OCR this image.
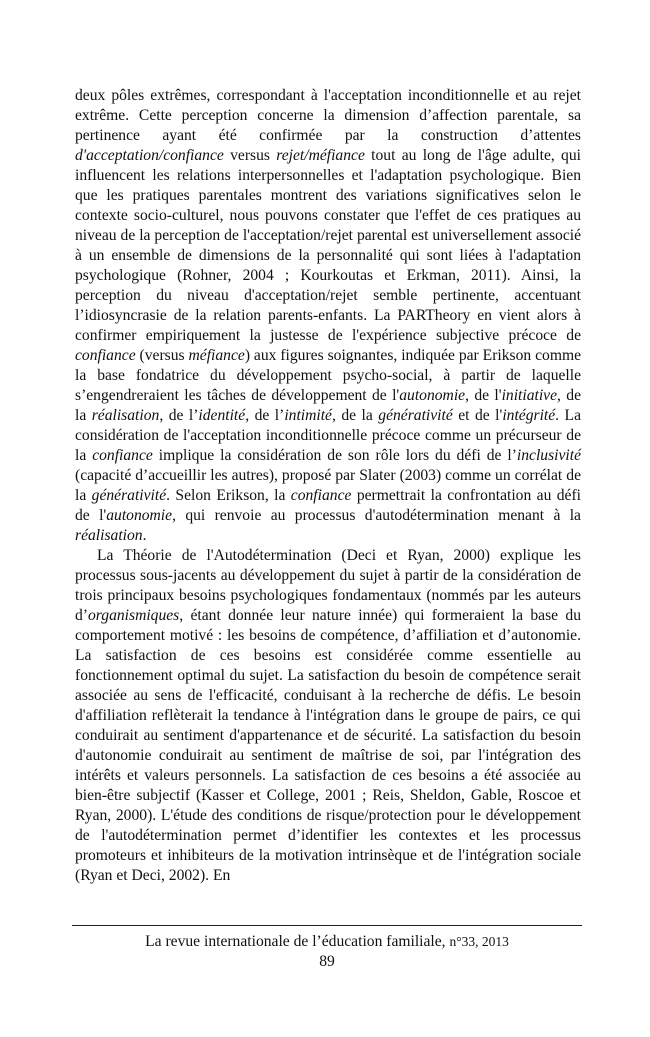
deux pôles extrêmes, correspondant à l'acceptation inconditionnelle et au rejet extrême. Cette perception concerne la dimension d’affection parentale, sa pertinence ayant été confirmée par la construction d’attentes d'acceptation/confiance versus rejet/méfiance tout au long de l'âge adulte, qui influencent les relations interpersonnelles et l'adaptation psychologique. Bien que les pratiques parentales montrent des variations significatives selon le contexte socio-culturel, nous pouvons constater que l'effet de ces pratiques au niveau de la perception de l'acceptation/rejet parental est universellement associé à un ensemble de dimensions de la personnalité qui sont liées à l'adaptation psychologique (Rohner, 2004 ; Kourkoutas et Erkman, 2011). Ainsi, la perception du niveau d'acceptation/rejet semble pertinente, accentuant l’idiosyncrasie de la relation parents-enfants. La PARTheory en vient alors à confirmer empiriquement la justesse de l'expérience subjective précoce de confiance (versus méfiance) aux figures soignantes, indiquée par Erikson comme la base fondatrice du développement psycho-social, à partir de laquelle s’engendreraient les tâches de développement de l'autonomie, de l'initiative, de la réalisation, de l’identité, de l’intimité, de la générativité et de l'intégrité. La considération de l'acceptation inconditionnelle précoce comme un précurseur de la confiance implique la considération de son rôle lors du défi de l’inclusivité (capacité d’accueillir les autres), proposé par Slater (2003) comme un corrélat de la générativité. Selon Erikson, la confiance permettrait la confrontation au défi de l'autonomie, qui renvoie au processus d'autodétermination menant à la réalisation.

La Théorie de l'Autodétermination (Deci et Ryan, 2000) explique les processus sous-jacents au développement du sujet à partir de la considération de trois principaux besoins psychologiques fondamentaux (nommés par les auteurs d’organismiques, étant donnée leur nature innée) qui formeraient la base du comportement motivé : les besoins de compétence, d’affiliation et d’autonomie. La satisfaction de ces besoins est considérée comme essentielle au fonctionnement optimal du sujet. La satisfaction du besoin de compétence serait associée au sens de l'efficacité, conduisant à la recherche de défis. Le besoin d'affiliation reflèterait la tendance à l'intégration dans le groupe de pairs, ce qui conduirait au sentiment d'appartenance et de sécurité. La satisfaction du besoin d'autonomie conduirait au sentiment de maîtrise de soi, par l'intégration des intérêts et valeurs personnels. La satisfaction de ces besoins a été associée au bien-être subjectif (Kasser et College, 2001 ; Reis, Sheldon, Gable, Roscoe et Ryan, 2000). L'étude des conditions de risque/protection pour le développement de l'autodétermination permet d’identifier les contextes et les processus promoteurs et inhibiteurs de la motivation intrinsèque et de l'intégration sociale (Ryan et Deci, 2002). En

La revue internationale de l’éducation familiale, n°33, 2013
89
